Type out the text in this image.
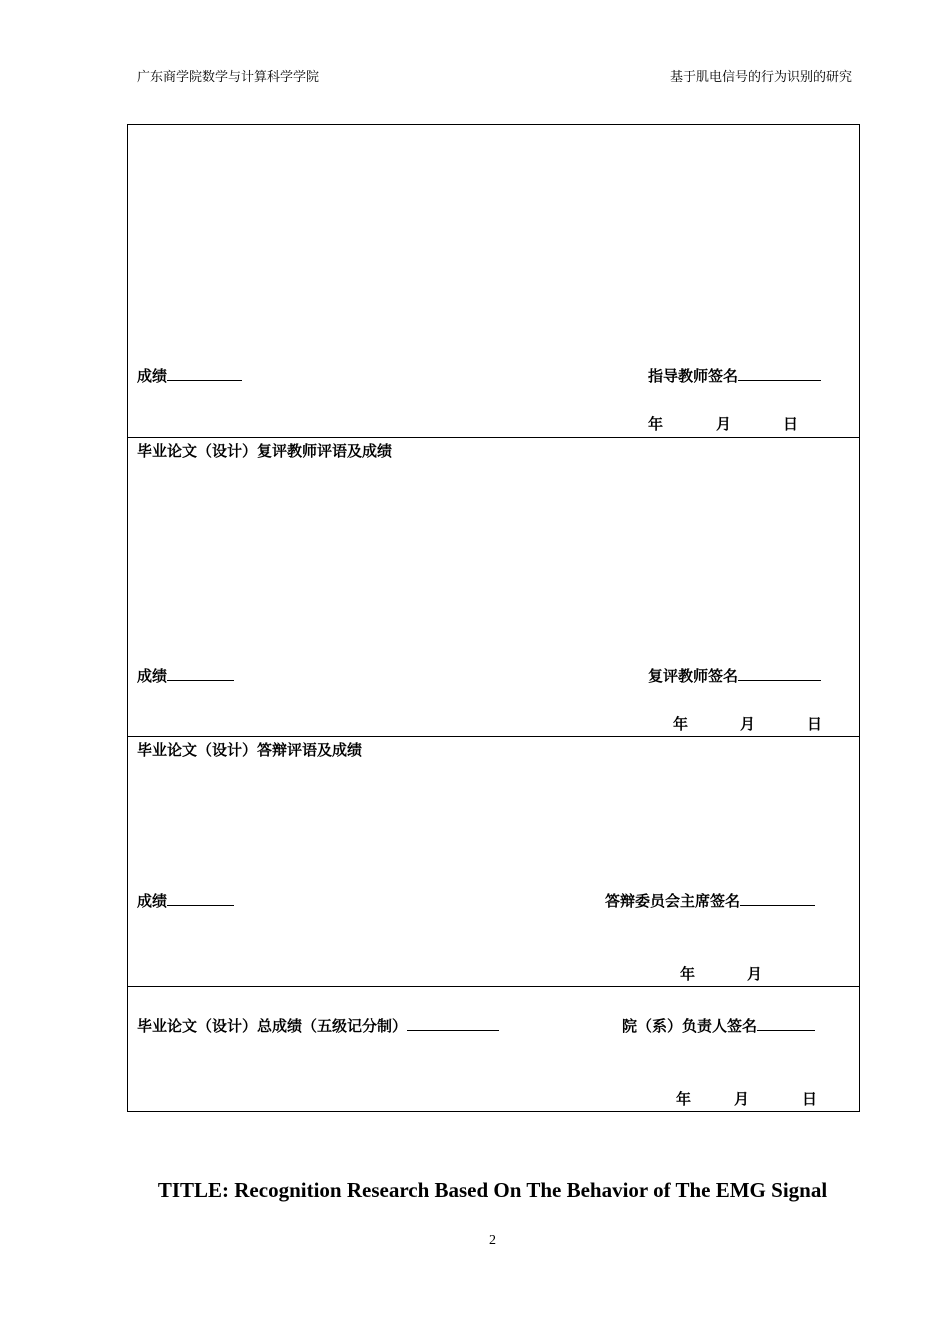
广东商学院数学与计算科学学院	基于肌电信号的行为识别的研究
成绩	指导教师签名
年	月	日
毕业论文（设计）复评教师评语及成绩
成绩	复评教师签名
年	月	日
毕业论文（设计）答辩评语及成绩
成绩	答辩委员会主席签名
年	月
毕业论文（设计）总成绩（五级记分制）	院（系）负责人签名
年	月	日
TITLE: Recognition Research Based On The Behavior of The EMG Signal
2
